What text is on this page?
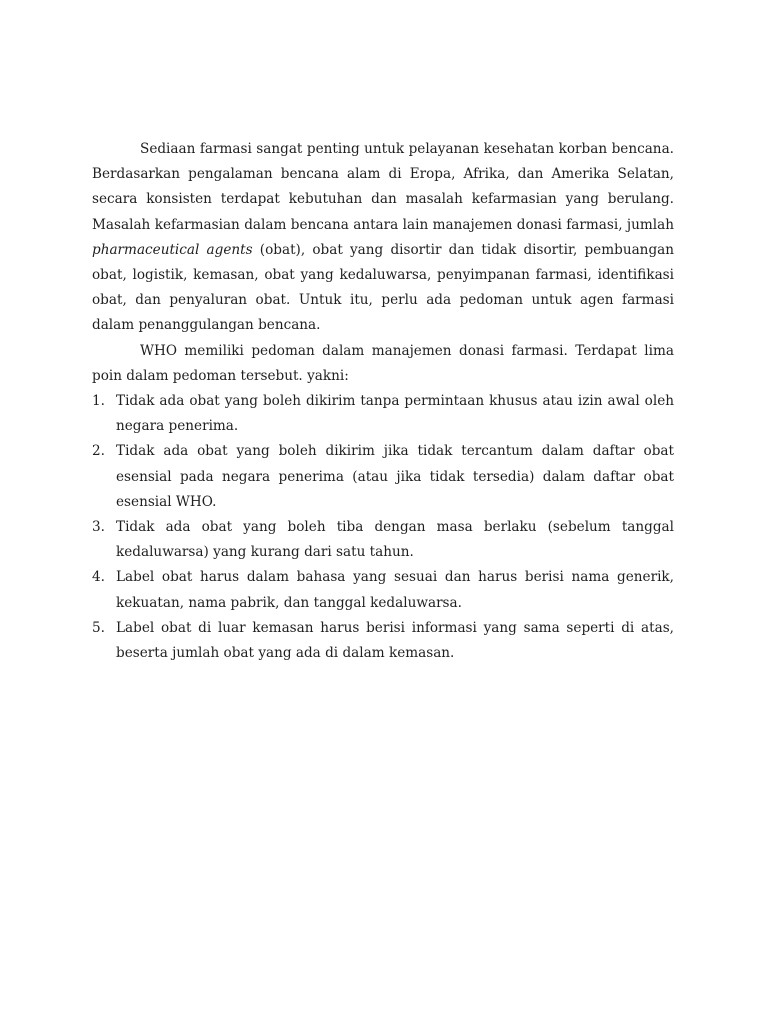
Sediaan farmasi sangat penting untuk pelayanan kesehatan korban bencana. Berdasarkan pengalaman bencana alam di Eropa, Afrika, dan Amerika Selatan, secara konsisten terdapat kebutuhan dan masalah kefarmasian yang berulang. Masalah kefarmasian dalam bencana antara lain manajemen donasi farmasi, jumlah pharmaceutical agents (obat), obat yang disortir dan tidak disortir, pembuangan obat, logistik, kemasan, obat yang kedaluwarsa, penyimpanan farmasi, identifikasi obat, dan penyaluran obat. Untuk itu, perlu ada pedoman untuk agen farmasi dalam penanggulangan bencana.

WHO memiliki pedoman dalam manajemen donasi farmasi. Terdapat lima poin dalam pedoman tersebut. yakni:

1. Tidak ada obat yang boleh dikirim tanpa permintaan khusus atau izin awal oleh negara penerima.
2. Tidak ada obat yang boleh dikirim jika tidak tercantum dalam daftar obat esensial pada negara penerima (atau jika tidak tersedia) dalam daftar obat esensial WHO.
3. Tidak ada obat yang boleh tiba dengan masa berlaku (sebelum tanggal kedaluwarsa) yang kurang dari satu tahun.
4. Label obat harus dalam bahasa yang sesuai dan harus berisi nama generik, kekuatan, nama pabrik, dan tanggal kedaluwarsa.
5. Label obat di luar kemasan harus berisi informasi yang sama seperti di atas, beserta jumlah obat yang ada di dalam kemasan.
